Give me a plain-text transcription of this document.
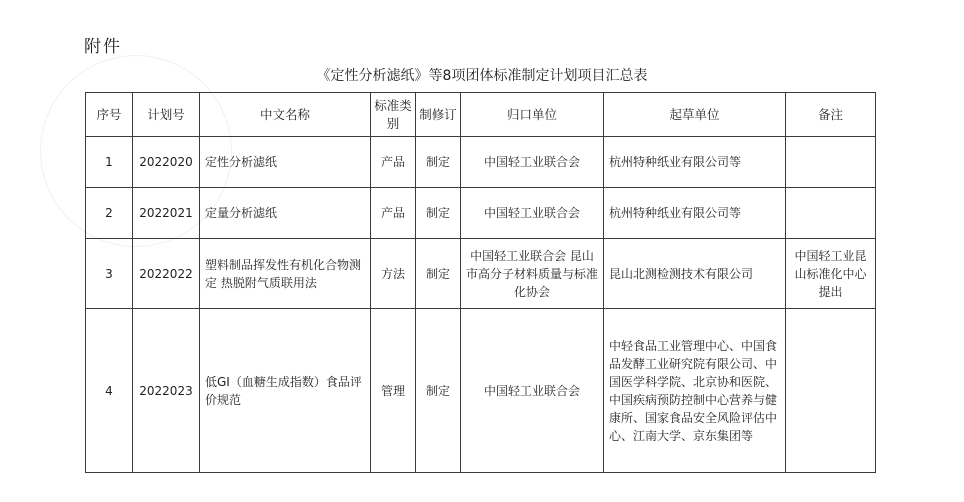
附件
《定性分析滤纸》等8项团体标准制定计划项目汇总表
序号	计划号	中文名称	标准类别	制修订	归口单位	起草单位	备注
1	2022020	定性分析滤纸	产品	制定	中国轻工业联合会	杭州特种纸业有限公司等	
2	2022021	定量分析滤纸	产品	制定	中国轻工业联合会	杭州特种纸业有限公司等	
3	2022022	塑料制品挥发性有机化合物测定 热脱附气质联用法	方法	制定	中国轻工业联合会 昆山市高分子材料质量与标准化协会	昆山北测检测技术有限公司	中国轻工业昆山标准化中心提出
4	2022023	低GI（血糖生成指数）食品评价规范	管理	制定	中国轻工业联合会	中轻食品工业管理中心、中国食品发酵工业研究院有限公司、中国医学科学院、北京协和医院、中国疾病预防控制中心营养与健康所、国家食品安全风险评估中心、江南大学、京东集团等	
